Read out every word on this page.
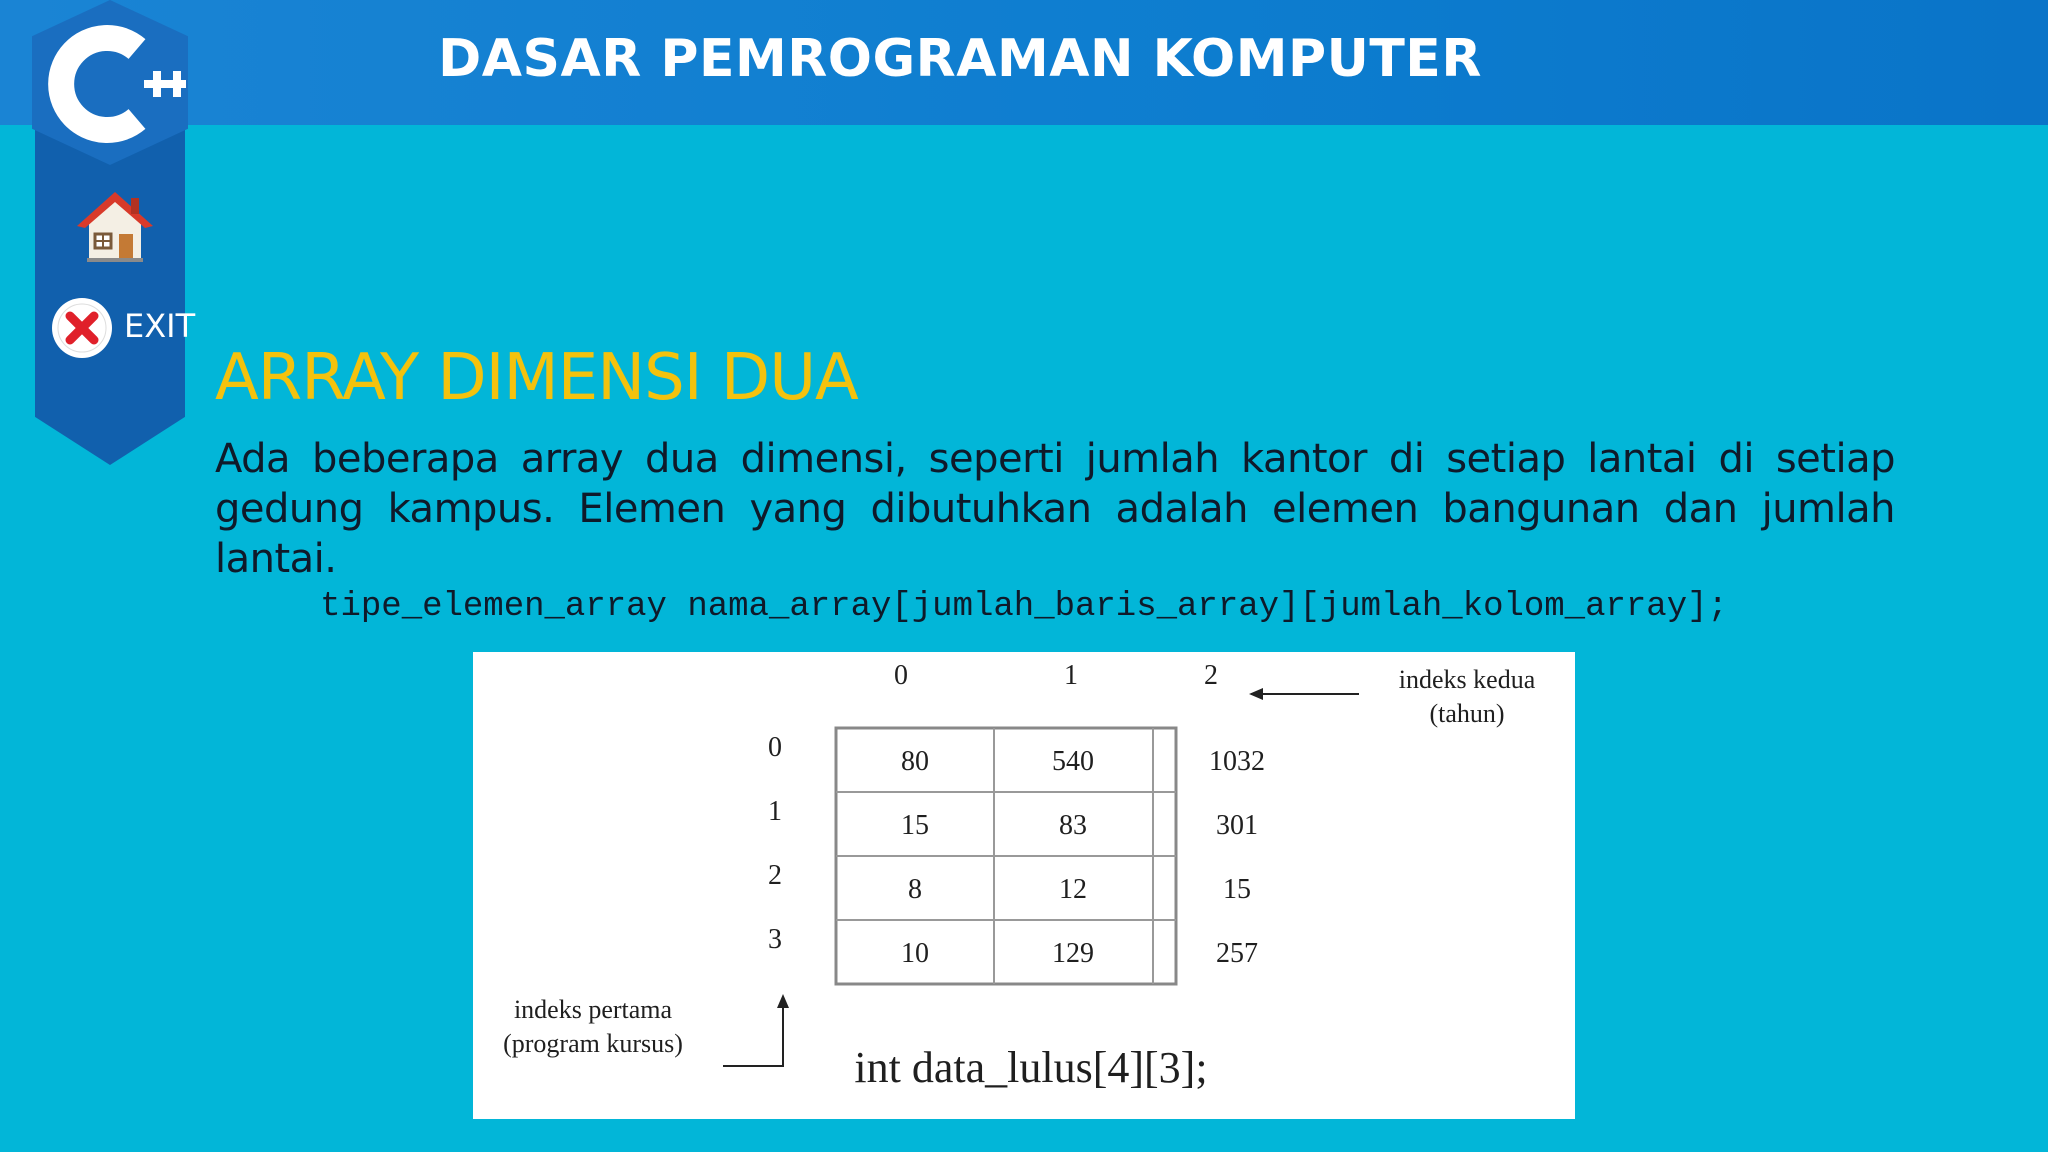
DASAR PEMROGRAMAN KOMPUTER
EXIT
ARRAY DIMENSI DUA
Ada beberapa array dua dimensi, seperti jumlah kantor di setiap lantai di setiap gedung kampus. Elemen yang dibutuhkan adalah elemen bangunan dan jumlah lantai.
tipe_elemen_array nama_array[jumlah_baris_array][jumlah_kolom_array];
0	1	2	indeks kedua
(tahun)
0
1
2
3
80	540	1032
15	83	301
8	12	15
10	129	257
indeks pertama
(program kursus)	int data_lulus[4][3];
